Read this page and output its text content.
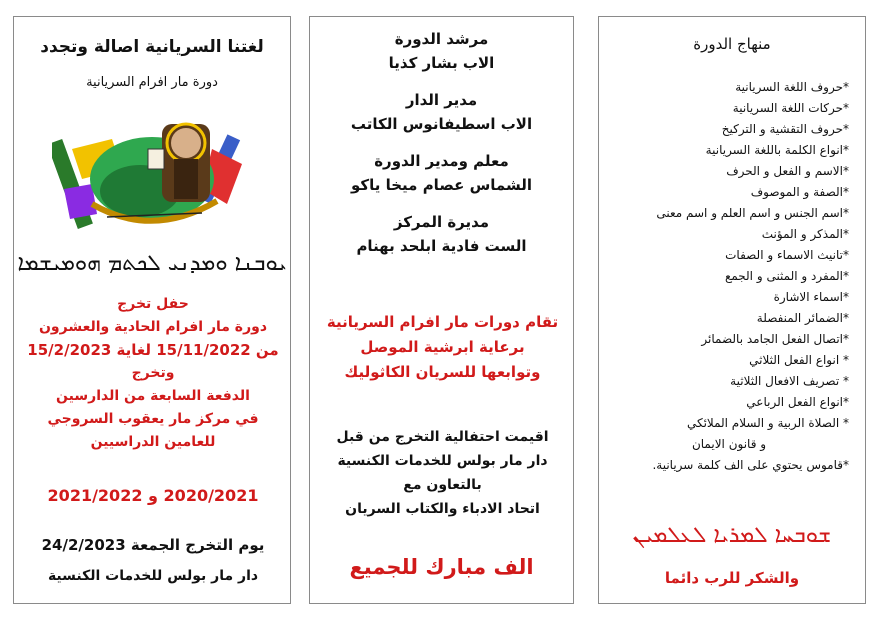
لغتنا السريانية اصالة وتجدد
دورة مار افرام السريانية
ܝܘܒܢܐ ܘܡܕܢܝ ܠܟܬܡ ܗܘܡܝܫܡܐ
حفل تخرج
دورة مار افرام الحادية والعشرون
من 15/11/2022 لغاية 15/2/2023
وتخرج
الدفعة السابعة من الدارسين
في مركز مار يعقوب السروجي
للعامين الدراسيين
2020/2021 و 2021/2022
يوم التخرج الجمعة 24/2/2023
دار مار بولس للخدمات الكنسية
مرشد الدورة
الاب بشار كذيا
مدير الدار
الاب اسطيفانوس الكاتب
معلم ومدير الدورة
الشماس عصام ميخا ياكو
مديرة المركز
الست فادية ابلحد بهنام
تقام دورات مار افرام السريانية
برعاية ابرشية الموصل
وتوابعها للسريان الكاثوليك
اقيمت احتفالية التخرج من قبل
دار مار بولس للخدمات الكنسية
بالتعاون مع
اتحاد الادباء والكتاب السريان
الف مبارك للجميع
منهاج الدورة
*حروف اللغة السريانية
*حركات اللغة السريانية
*حروف التقشية و التركيخ
*انواع الكلمة باللغة السريانية
*الاسم و الفعل و الحرف
*الصفة و الموصوف
*اسم الجنس و اسم العلم و اسم معنى
*المذكر و المؤنث
*تانيث الاسماء و الصفات
*المفرد و المثنى و الجمع
*اسماء الاشارة
*الضمائر المنفصلة
*اتصال الفعل الجامد بالضمائر
* انواع الفعل الثلاثي
* تصريف الافعال الثلاثية
*انواع الفعل الرباعي
* الصلاة الربية و السلام الملائكي
و قانون الايمان
*قاموس يحتوي على الف كلمة سريانية.
ܫܘܒܚܐ ܠܡܪܝܐ ܠܥܠܡܝܢ
والشكر للرب دائما
